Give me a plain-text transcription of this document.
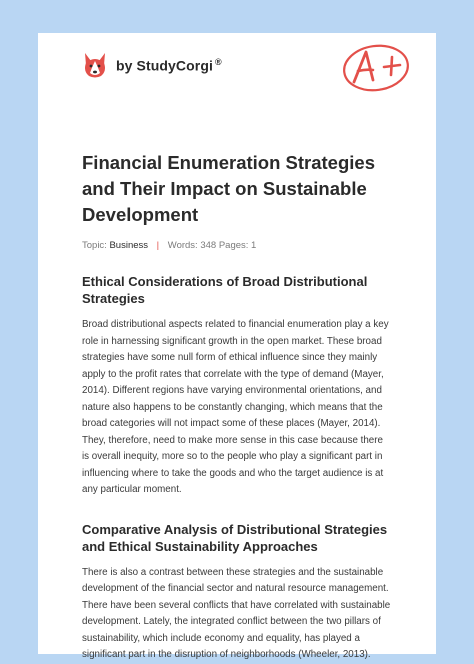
by StudyCorgi ®
Financial Enumeration Strategies and Their Impact on Sustainable Development
Topic: Business | Words: 348 Pages: 1
Ethical Considerations of Broad Distributional Strategies

Broad distributional aspects related to financial enumeration play a key role in harnessing significant growth in the open market. These broad strategies have some null form of ethical influence since they mainly apply to the profit rates that correlate with the type of demand (Mayer, 2014). Different regions have varying environmental orientations, and nature also happens to be constantly changing, which means that the broad categories will not impact some of these places (Mayer, 2014). They, therefore, need to make more sense in this case because there is overall inequity, more so to the people who play a significant part in influencing where to take the goods and who the target audience is at any particular moment.

Comparative Analysis of Distributional Strategies and Ethical Sustainability Approaches

There is also a contrast between these strategies and the sustainable development of the financial sector and natural resource management. There have been several conflicts that have correlated with sustainable development. Lately, the integrated conflict between the two pillars of sustainability, which include economy and equality, has played a significant part in the disruption of neighborhoods (Wheeler, 2013).
